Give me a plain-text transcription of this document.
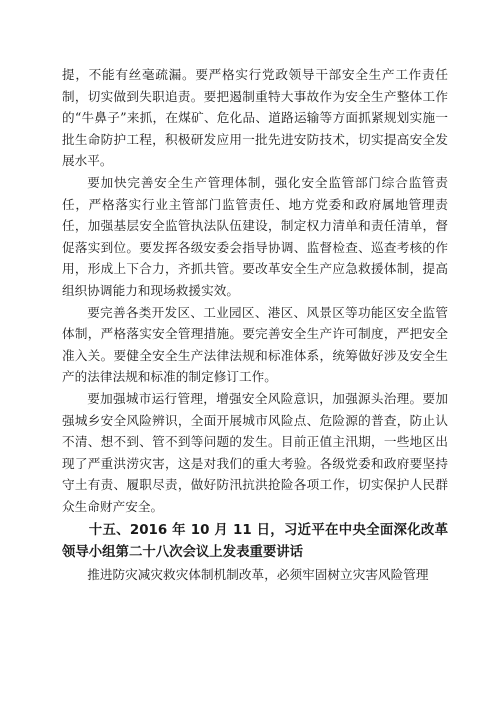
提，不能有丝毫疏漏。要严格实行党政领导干部安全生产工作责任制，切实做到失职追责。要把遏制重特大事故作为安全生产整体工作的“牛鼻子”来抓，在煤矿、危化品、道路运输等方面抓紧规划实施一批生命防护工程，积极研发应用一批先进安防技术，切实提高安全发展水平。

要加快完善安全生产管理体制，强化安全监管部门综合监管责任，严格落实行业主管部门监管责任、地方党委和政府属地管理责任，加强基层安全监管执法队伍建设，制定权力清单和责任清单，督促落实到位。要发挥各级安委会指导协调、监督检查、巡查考核的作用，形成上下合力，齐抓共管。要改革安全生产应急救援体制，提高组织协调能力和现场救援实效。

要完善各类开发区、工业园区、港区、风景区等功能区安全监管体制，严格落实安全管理措施。要完善安全生产许可制度，严把安全准入关。要健全安全生产法律法规和标准体系，统筹做好涉及安全生产的法律法规和标准的制定修订工作。

要加强城市运行管理，增强安全风险意识，加强源头治理。要加强城乡安全风险辨识，全面开展城市风险点、危险源的普查，防止认不清、想不到、管不到等问题的发生。目前正值主汛期，一些地区出现了严重洪涝灾害，这是对我们的重大考验。各级党委和政府要坚持守土有责、履职尽责，做好防汛抗洪抢险各项工作，切实保护人民群众生命财产安全。

十五、2016 年 10 月 11 日，习近平在中央全面深化改革领导小组第二十八次会议上发表重要讲话

推进防灾减灾救灾体制机制改革，必须牢固树立灾害风险管理
